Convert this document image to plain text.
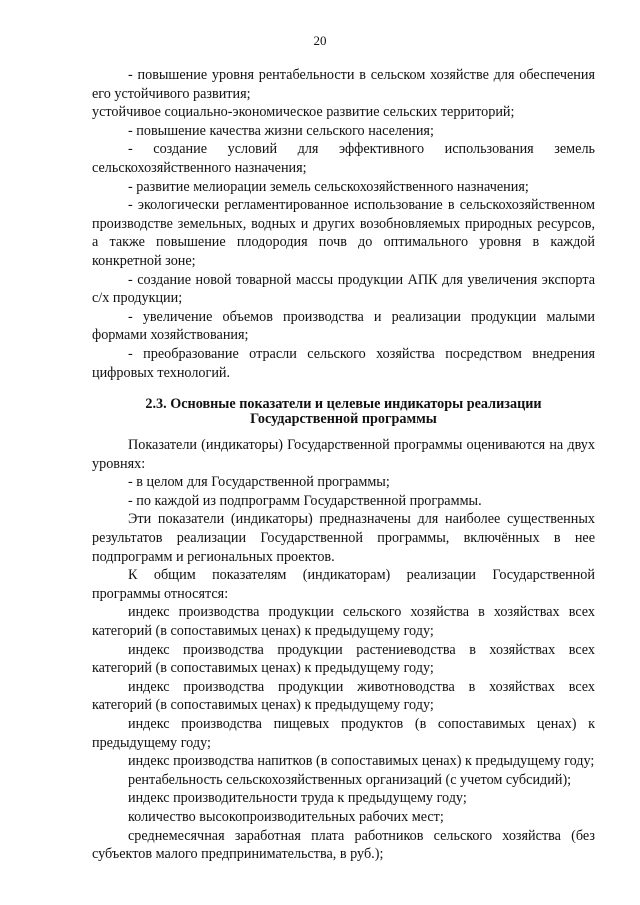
20

- повышение уровня рентабельности в сельском хозяйстве для обеспечения его устойчивого развития;

устойчивое социально-экономическое развитие сельских территорий;

- повышение качества жизни сельского населения;

- создание условий для эффективного использования земель сельскохозяйственного назначения;

- развитие мелиорации земель сельскохозяйственного назначения;

- экологически регламентированное использование в сельскохозяйственном производстве земельных, водных и других возобновляемых природных ресурсов, а также повышение плодородия почв до оптимального уровня в каждой конкретной зоне;

- создание новой товарной массы продукции АПК для увеличения экспорта с/х продукции;

- увеличение объемов производства и реализации продукции малыми формами хозяйствования;

- преобразование отрасли сельского хозяйства посредством внедрения цифровых технологий.

2.3. Основные показатели и целевые индикаторы реализации
Государственной программы

Показатели (индикаторы) Государственной программы оцениваются на двух уровнях:

- в целом для Государственной программы;

- по каждой из подпрограмм Государственной программы.

Эти показатели (индикаторы) предназначены для наиболее существенных результатов реализации Государственной программы, включённых в нее подпрограмм и региональных проектов.

К общим показателям (индикаторам) реализации Государственной программы относятся:

индекс производства продукции сельского хозяйства в хозяйствах всех категорий (в сопоставимых ценах) к предыдущему году;

индекс производства продукции растениеводства в хозяйствах всех категорий (в сопоставимых ценах) к предыдущему году;

индекс производства продукции животноводства в хозяйствах всех категорий (в сопоставимых ценах) к предыдущему году;

индекс производства пищевых продуктов (в сопоставимых ценах) к предыдущему году;

индекс производства напитков (в сопоставимых ценах) к предыдущему году;

рентабельность сельскохозяйственных организаций (с учетом субсидий);

индекс производительности труда к предыдущему году;

количество высокопроизводительных рабочих мест;

среднемесячная заработная плата работников сельского хозяйства (без субъектов малого предпринимательства, в руб.);
